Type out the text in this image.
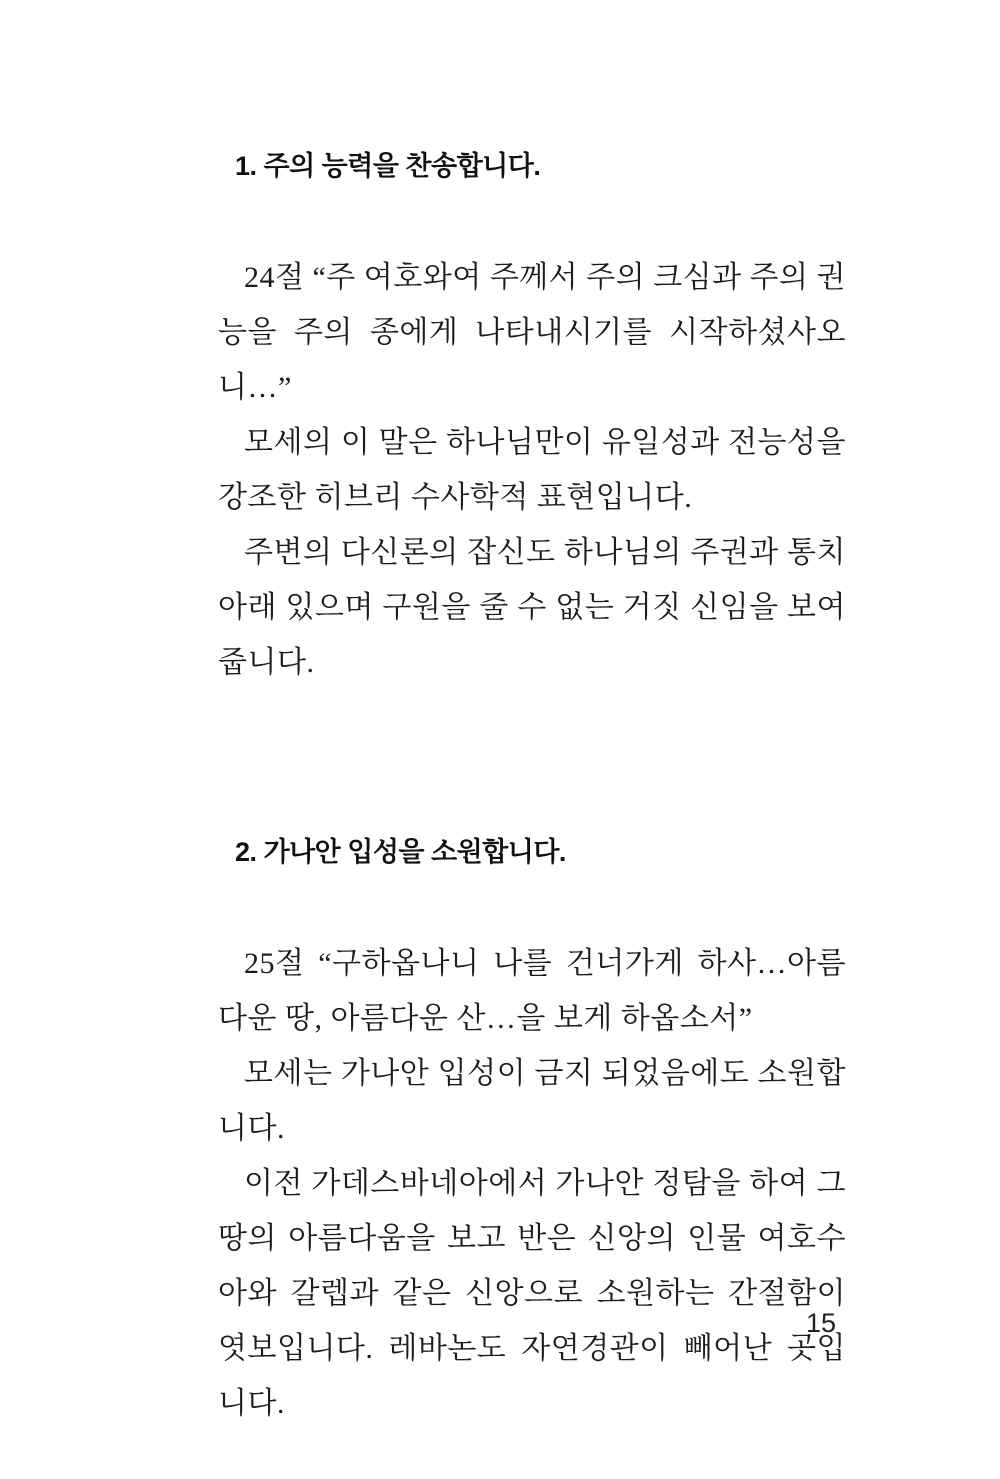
1. 주의 능력을 찬송합니다.

24절 “주 여호와여 주께서 주의 크심과 주의 권능을 주의 종에게 나타내시기를 시작하셨사오니…”

모세의 이 말은 하나님만이 유일성과 전능성을 강조한 히브리 수사학적 표현입니다.

주변의 다신론의 잡신도 하나님의 주권과 통치 아래 있으며 구원을 줄 수 없는 거짓 신임을 보여줍니다.

2. 가나안 입성을 소원합니다.

25절 “구하옵나니 나를 건너가게 하사…아름다운 땅, 아름다운 산…을 보게 하옵소서”

모세는 가나안 입성이 금지 되었음에도 소원합니다.

이전 가데스바네아에서 가나안 정탐을 하여 그 땅의 아름다움을 보고 반은 신앙의 인물 여호수아와 갈렙과 같은 신앙으로 소원하는 간절함이 엿보입니다. 레바논도 자연경관이 빼어난 곳입니다.

15
